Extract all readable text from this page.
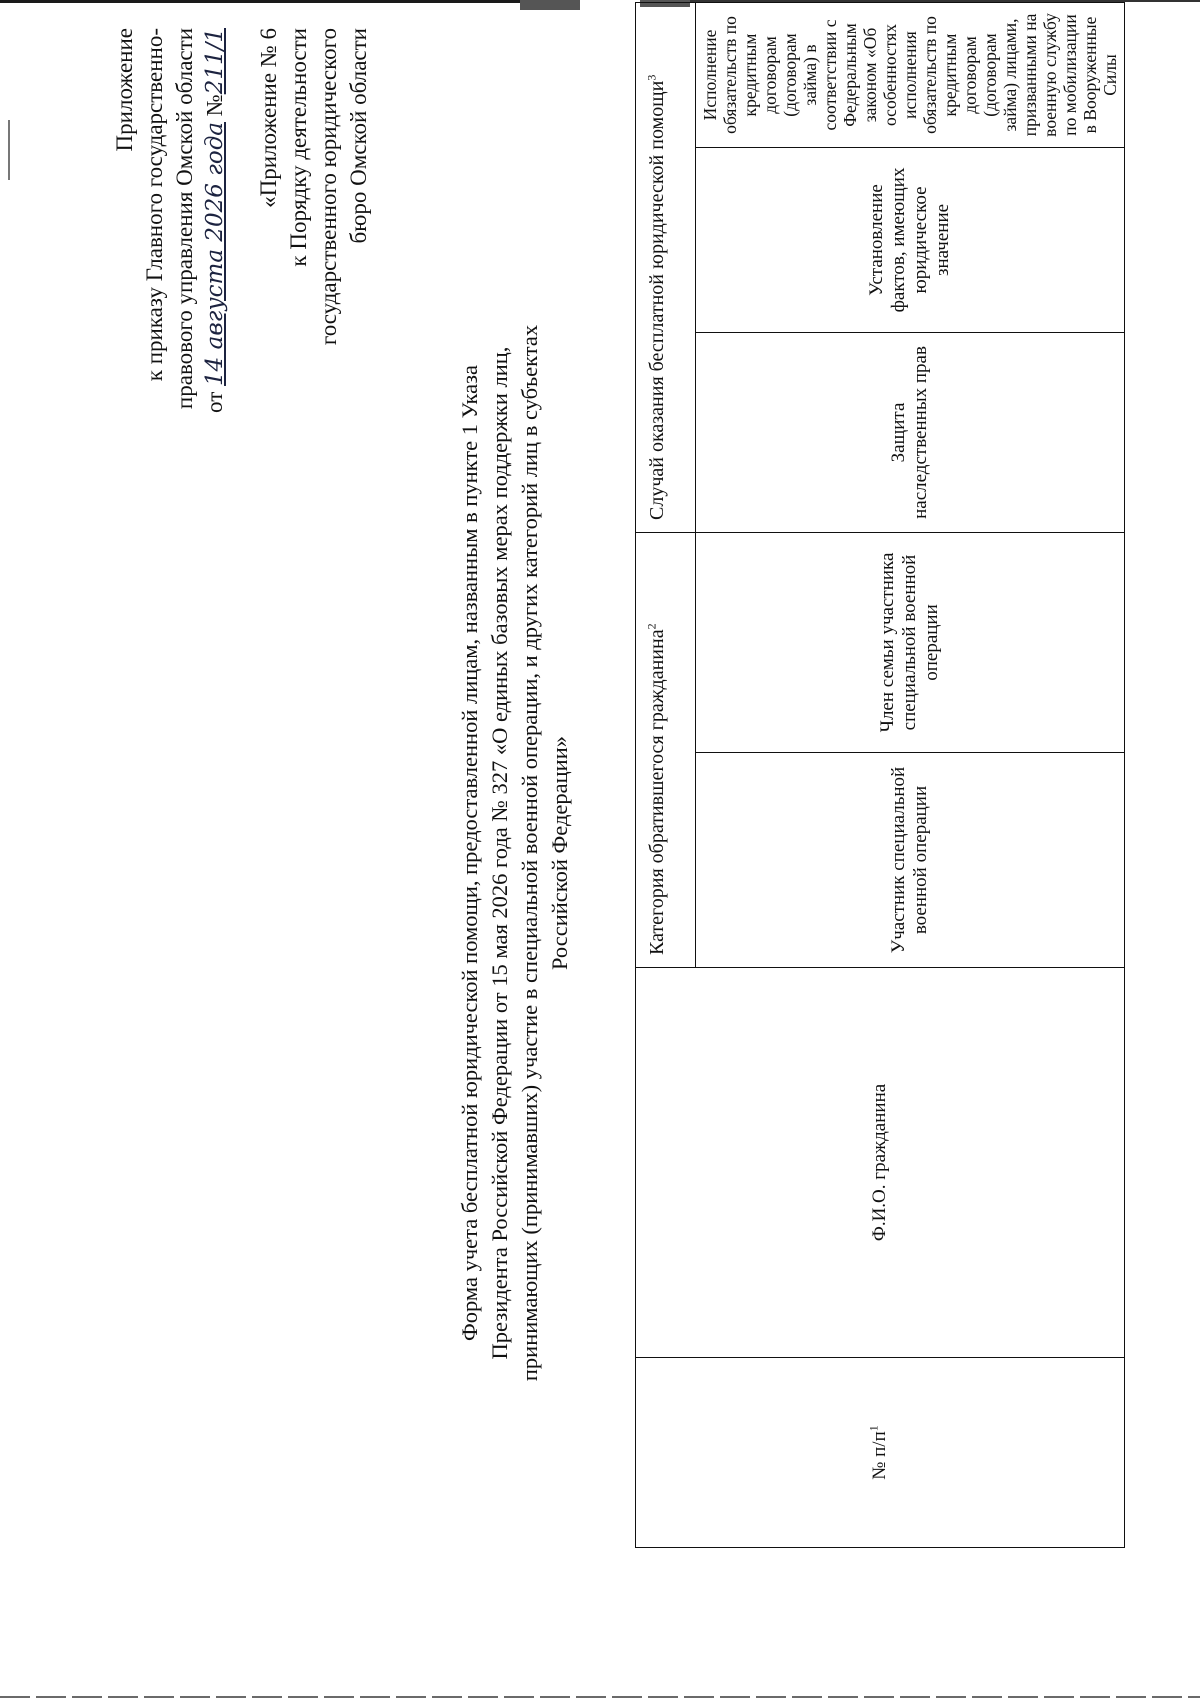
Приложение к приказу Главного государственно- правового управления Омской области от 14 августа 2026 года №211/1 «Приложение № 6 к Порядку деятельности государственного юридического бюро Омской области
Форма учета бесплатной юридической помощи, предоставленной лицам, названным в пункте 1 Указа Президента Российской Федерации от 15 мая 2026 года № 327 «О единых базовых мерах поддержки лиц, принимающих (принимавших) участие в специальной военной операции, и других категорий лиц в субъектах Российской Федерации»
№ $п/п^1$	Ф.И.О. гражданина	Категория обратившегося гражданина$^2$		Случай оказания бесплатной юридической помощи$^3$

		Участник специальной военной операции	Член семьи участника специальной военной операции	Защита наследственных прав	Установление фактов, имеющих юридическое значение	Исполнение обязательств по кредитным договорам (договорам займа) в соответствии с Федеральным законом «Об особенностях исполнения обязательств по кредитным договорам (договорам займа) лицами, призванными на военную службу по мобилизации в Вооруженные Силы
